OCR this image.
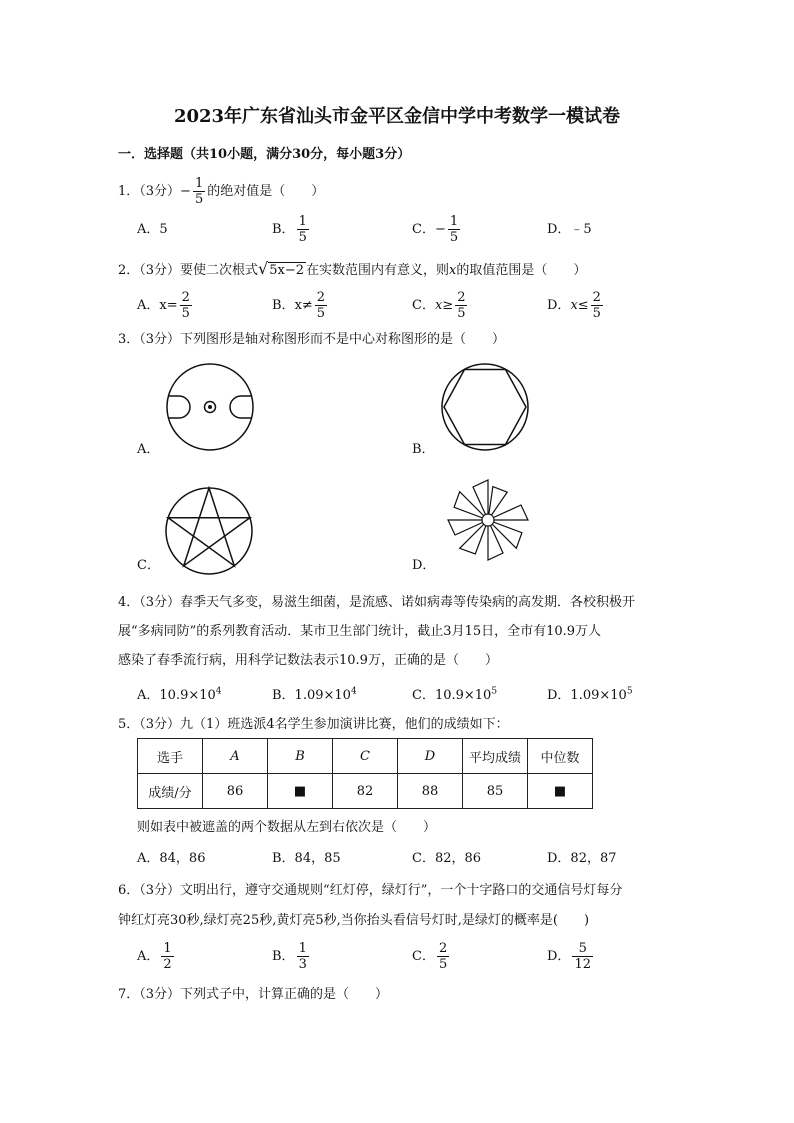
2023年广东省汕头市金平区金信中学中考数学一模试卷
一．选择题（共10小题，满分30分，每小题3分）
1．（3分）− $\frac{1}{5}$ 的绝对值是（　　）
A．5	B． $\frac{1}{5}$	C．− $\frac{1}{5}$	D．﹣5
2．（3分）要使二次根式√5x−2 在实数范围内有意义，则x的取值范围是（　　）
A．$x= \frac{2}{5}$	B．$x\ne \frac{2}{5}$	C．$x\ge \frac{2}{5}$	D．$x\le \frac{2}{5}$
3．（3分）下列图形是轴对称图形而不是中心对称图形的是（　　）
A．	B．
C．	D．
4．（3分）春季天气多变，易滋生细菌，是流感、诺如病毒等传染病的高发期．各校积极开
展“多病同防”的系列教育活动．某市卫生部门统计，截止3月15日，全市有10.9万人
感染了春季流行病，用科学记数法表示10.9万，正确的是（　　）
A．$10.9\times 10^4$	B．$1.09\times 10^4$	C．$10.9\times 10^5$	D．$1.09\times 10^5$
5．（3分）九（1）班选派4名学生参加演讲比赛，他们的成绩如下：
选手	A	B	C	D	平均成绩	中位数
成绩/分	86	■	82	88	85	■
则如表中被遮盖的两个数据从左到右依次是（　　）
A．84，86	B．84，85	C．82，86	D．82，87
6．（3分）文明出行，遵守交通规则“红灯停，绿灯行”，一个十字路口的交通信号灯每分
钟红灯亮30秒,绿灯亮25秒,黄灯亮5秒,当你抬头看信号灯时,是绿灯的概率是(　　)
A． $\frac{1}{2}$	B． $\frac{1}{3}$	C． $\frac{2}{5}$	D． $\frac{5}{12}$
7．（3分）下列式子中，计算正确的是（　　）
